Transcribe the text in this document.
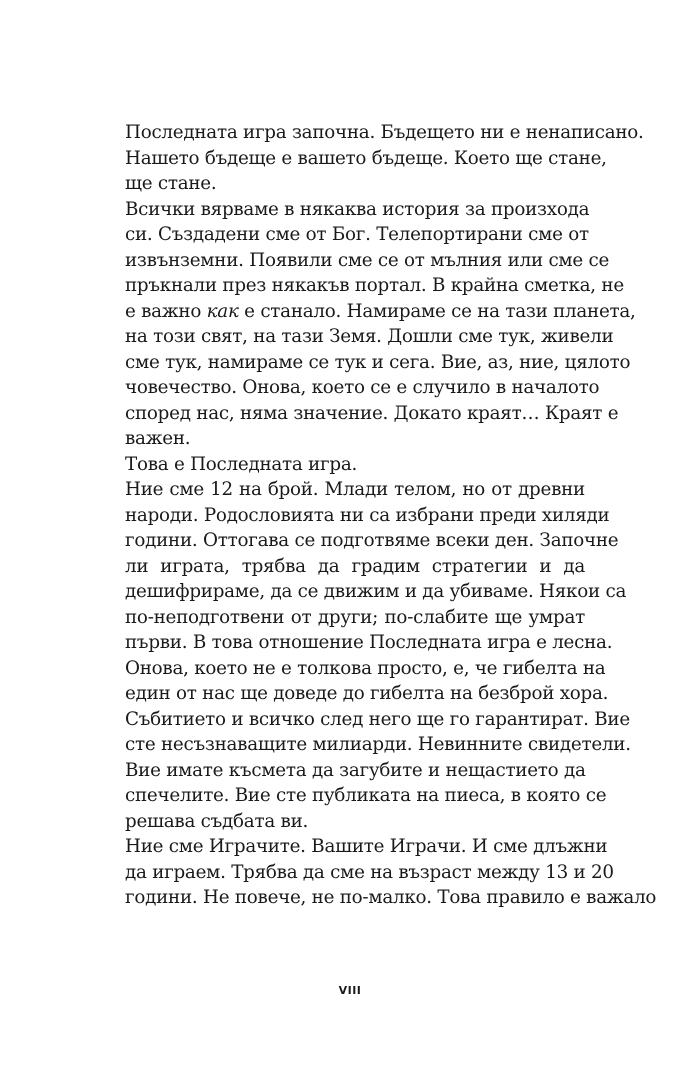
Последната игра започна. Бъдещето ни е ненаписано.
Нашето бъдеще е вашето бъдеще. Което ще стане,
ще стане.

Всички вярваме в някаква история за произхода
си. Създадени сме от Бог. Телепортирани сме от
извънземни. Появили сме се от мълния или сме се
пръкнали през някакъв портал. В крайна сметка, не
е важно как е станало. Намираме се на тази планета,
на този свят, на тази Земя. Дошли сме тук, живели
сме тук, намираме се тук и сега. Вие, аз, ние, цялото
човечество. Онова, което се е случило в началото
според нас, няма значение. Докато краят… Краят е
важен.

Това е Последната игра.

Ние сме 12 на брой. Млади телом, но от древни
народи. Родословията ни са избрани преди хиляди
години. Оттогава се подготвяме всеки ден. Започне
ли играта, трябва да градим стратегии и да
дешифрираме, да се движим и да убиваме. Някои са
по-неподготвени от други; по-слабите ще умрат
първи. В това отношение Последната игра е лесна.
Онова, което не е толкова просто, е, че гибелта на
един от нас ще доведе до гибелта на безброй хора.
Събитието и всичко след него ще го гарантират. Вие
сте несъзнаващите милиарди. Невинните свидетели.
Вие имате късмета да загубите и нещастието да
спечелите. Вие сте публиката на пиеса, в която се
решава съдбата ви.

Ние сме Играчите. Вашите Играчи. И сме длъжни
да играем. Трябва да сме на възраст между 13 и 20
години. Не повече, не по-малко. Това правило е важало

VIII
